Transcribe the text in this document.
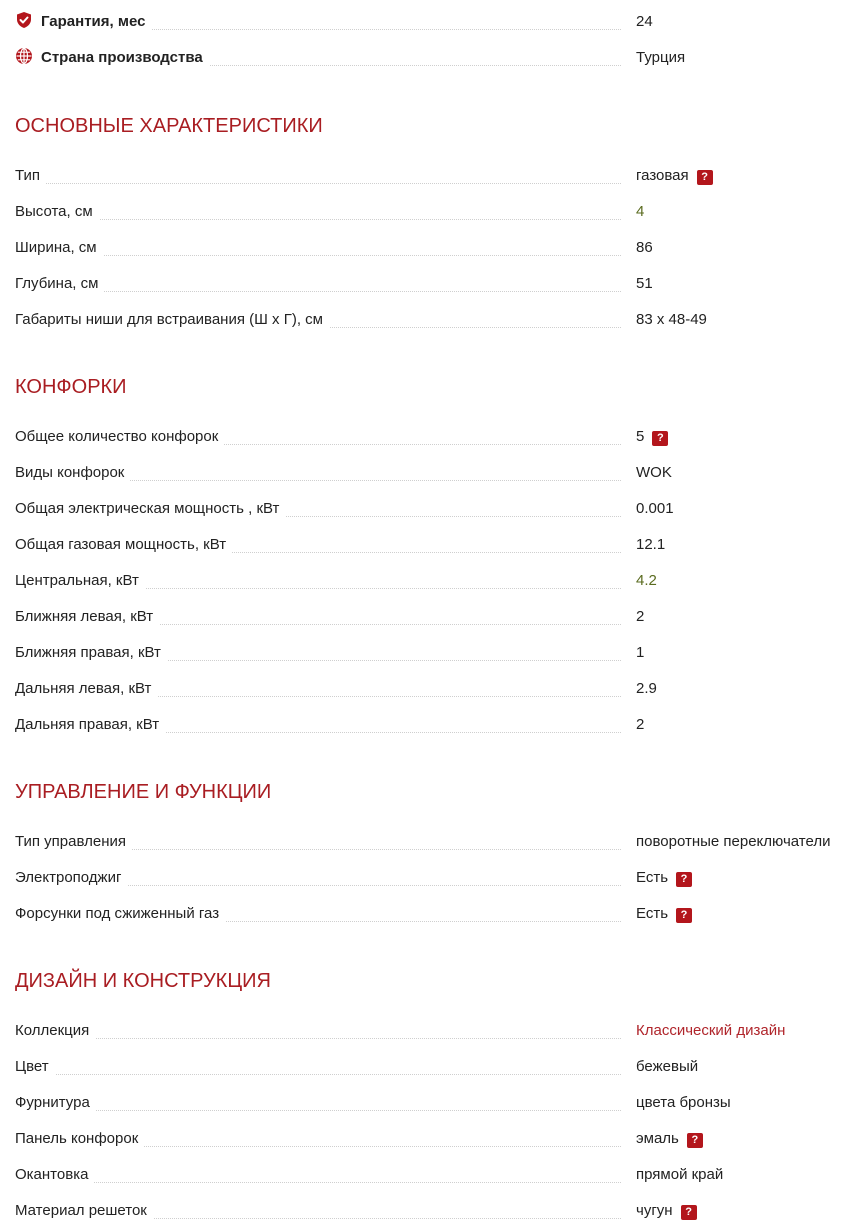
Гарантия, мес	24
Страна производства	Турция
ОСНОВНЫЕ ХАРАКТЕРИСТИКИ
Тип	газовая ?
Высота, см	4
Ширина, см	86
Глубина, см	51
Габариты ниши для встраивания (Ш х Г), см	83 х 48-49
КОНФОРКИ
Общее количество конфорок	5 ?
Виды конфорок	WOK
Общая электрическая мощность , кВт	0.001
Общая газовая мощность, кВт	12.1
Центральная, кВт	4.2
Ближняя левая, кВт	2
Ближняя правая, кВт	1
Дальняя левая, кВт	2.9
Дальняя правая, кВт	2
УПРАВЛЕНИЕ И ФУНКЦИИ
Тип управления	поворотные переключатели
Электроподжиг	Есть ?
Форсунки под сжиженный газ	Есть ?
ДИЗАЙН И КОНСТРУКЦИЯ
Коллекция	Классический дизайн
Цвет	бежевый
Фурнитура	цвета бронзы
Панель конфорок	эмаль ?
Окантовка	прямой край
Материал решеток	чугун ?
